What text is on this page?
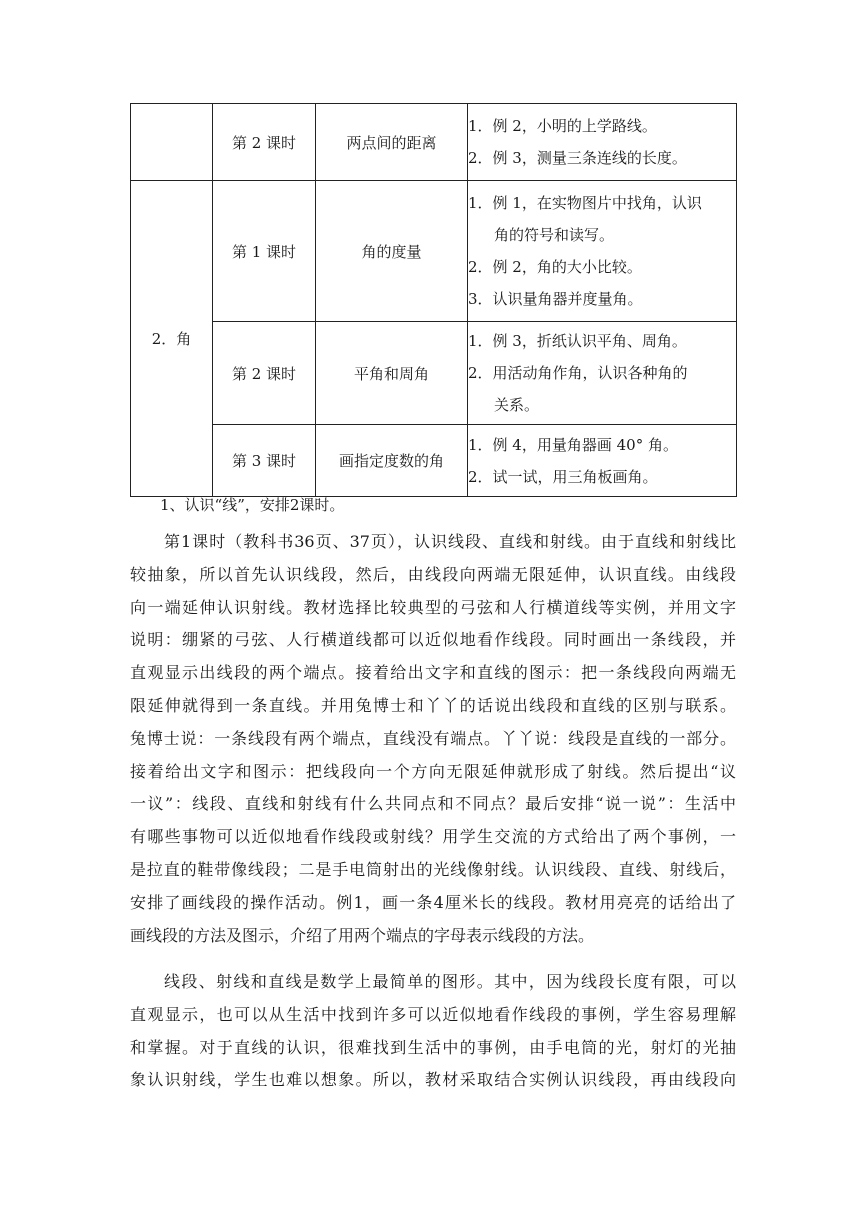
	第 2 课时	两点间的距离	1．例 2，小明的上学路线。
2．例 3，测量三条连线的长度。

2．角	第 1 课时	角的度量	1．例 1，在实物图片中找角，认识
角的符号和读写。
2．例 2，角的大小比较。
3．认识量角器并度量角。

	第 2 课时	平角和周角	1．例 3，折纸认识平角、周角。
2．用活动角作角，认识各种角的
关系。

	第 3 课时	画指定度数的角	1．例 4，用量角器画 40° 角。
2．试一试，用三角板画角。
1、认识“线”，安排2课时。
第1课时（教科书36页、37页），认识线段、直线和射线。由于直线和射线比
较抽象，所以首先认识线段，然后，由线段向两端无限延伸，认识直线。由线段
向一端延伸认识射线。教材选择比较典型的弓弦和人行横道线等实例，并用文字
说明：绷紧的弓弦、人行横道线都可以近似地看作线段。同时画出一条线段，并
直观显示出线段的两个端点。接着给出文字和直线的图示：把一条线段向两端无
限延伸就得到一条直线。并用兔博士和丫丫的话说出线段和直线的区别与联系。
兔博士说：一条线段有两个端点，直线没有端点。丫丫说：线段是直线的一部分。
接着给出文字和图示：把线段向一个方向无限延伸就形成了射线。然后提出“议
一议”：线段、直线和射线有什么共同点和不同点？最后安排“说一说”：生活中
有哪些事物可以近似地看作线段或射线？用学生交流的方式给出了两个事例，一
是拉直的鞋带像线段；二是手电筒射出的光线像射线。认识线段、直线、射线后，
安排了画线段的操作活动。例1，画一条4厘米长的线段。教材用亮亮的话给出了
画线段的方法及图示，介绍了用两个端点的字母表示线段的方法。
线段、射线和直线是数学上最简单的图形。其中，因为线段长度有限，可以
直观显示，也可以从生活中找到许多可以近似地看作线段的事例，学生容易理解
和掌握。对于直线的认识，很难找到生活中的事例，由手电筒的光，射灯的光抽
象认识射线，学生也难以想象。所以，教材采取结合实例认识线段，再由线段向
